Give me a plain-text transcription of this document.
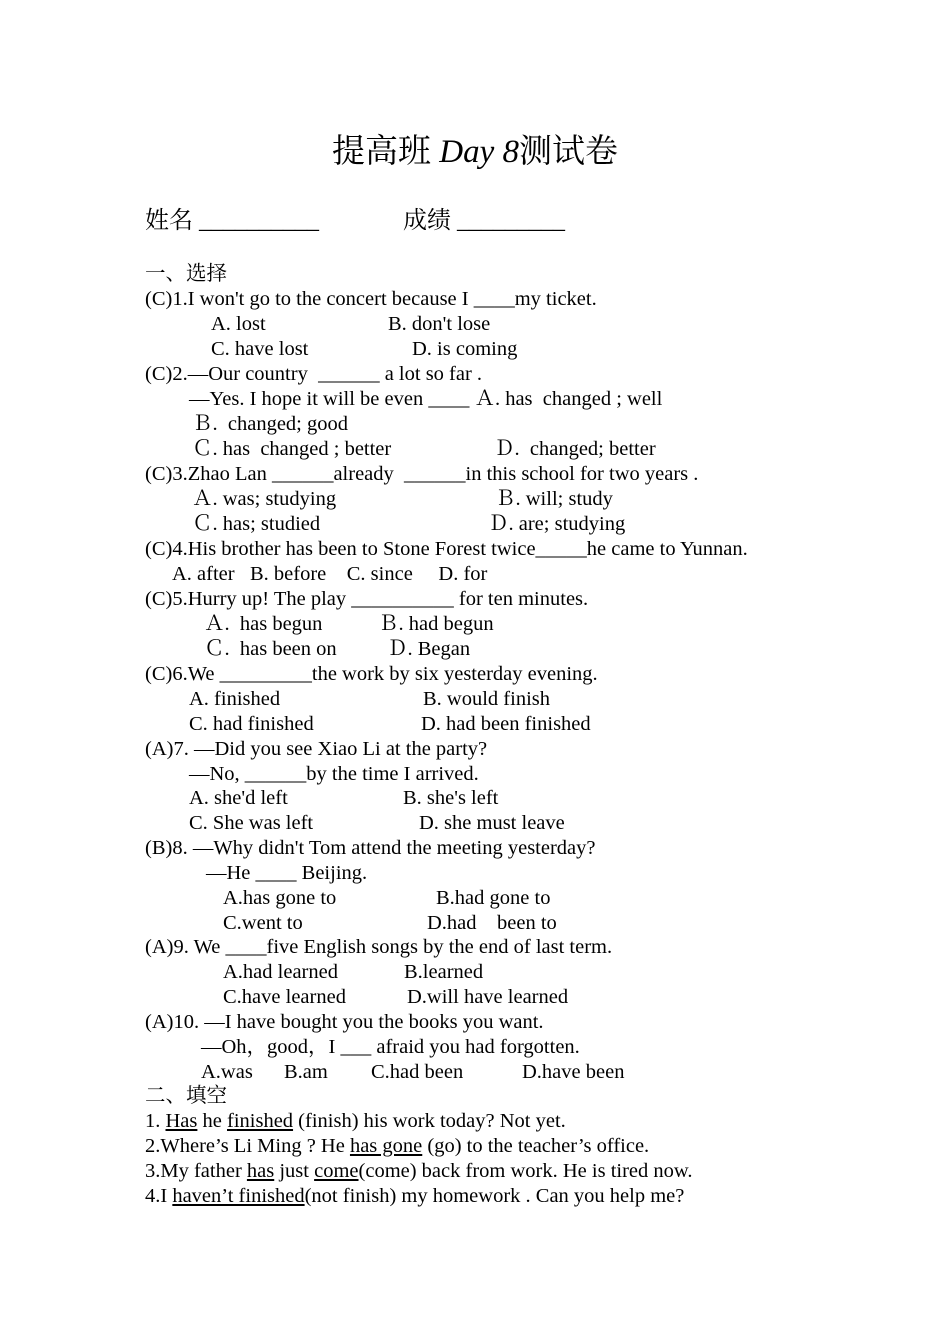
提高班 Day 8测试卷
姓名 __________	成绩 _________
一、选择
(C)1.I won't go to the concert because I ____my ticket.
A. lost	B. don't lose
C. have lost	D. is coming
(C)2.—Our country  ______ a lot so far .
—Yes. I hope it will be even ____ Ａ. has  changed ; well
Ｂ.  changed; good
Ｃ. has  changed ; better	Ｄ.  changed; better
(C)3.Zhao Lan ______already  ______in this school for two years .
Ａ. was; studying	Ｂ. will; study
Ｃ. has; studied	Ｄ. are; studying
(C)4.His brother has been to Stone Forest twice_____he came to Yunnan.
A. after   B. before    C. since     D. for
(C)5.Hurry up! The play __________ for ten minutes.
Ａ.  has begun	Ｂ. had begun
Ｃ.  has been on Ｄ. Began
(C)6.We _________the work by six yesterday evening.
A. finished	B. would finish
C. had finished	D. had been finished
(A)7. —Did you see Xiao Li at the party?
—No, ______by the time I arrived.
A. she'd left	B. she's left
C. She was left	D. she must leave
(B)8. —Why didn't Tom attend the meeting yesterday?
—He ____ Beijing.
A.has gone to	B.had gone to
C.went to	D.had    been to
(A)9. We ____five English songs by the end of last term.
A.had learned	B.learned
C.have learned	D.will have learned
(A)10. —I have bought you the books you want.
—Oh，good，I ___ afraid you had forgotten.
A.was B.am C.had been	D.have been
二、填空
1. Has he finished (finish) his work today? Not yet.
2.Where’s Li Ming ? He has gone (go) to the teacher’s office.
3.My father has just come(come) back from work. He is tired now.
4.I haven’t finished(not finish) my homework . Can you help me?
